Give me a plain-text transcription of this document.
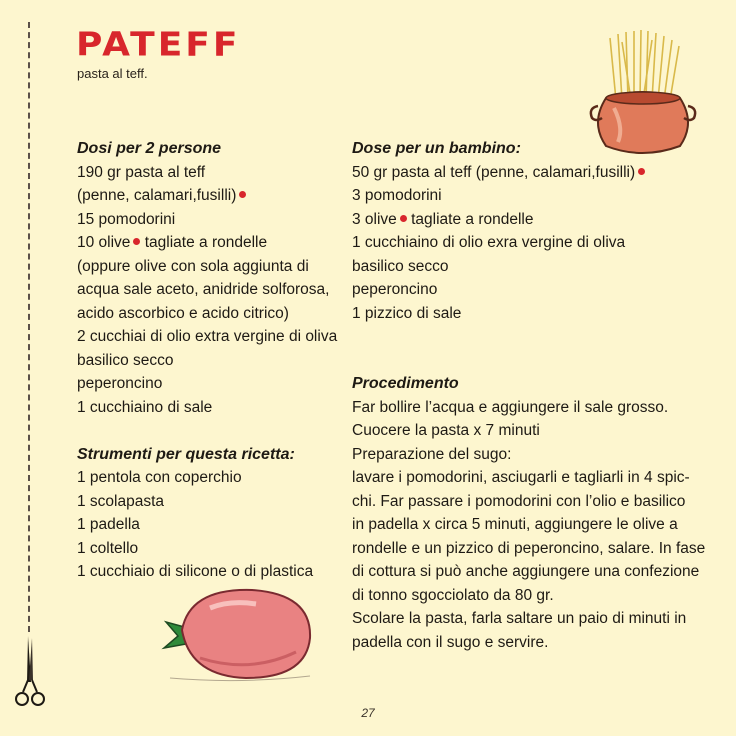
PATEFF
pasta al teff.
Dosi per 2 persone
190 gr pasta al teff
(penne, calamari,fusilli)
15 pomodorini
10 olive tagliate a rondelle
(oppure olive con sola aggiunta di
acqua sale aceto, anidride solforosa,
acido ascorbico e acido citrico)
2 cucchiai di olio extra vergine di oliva
basilico secco
peperoncino
1 cucchiaino di sale
Strumenti per questa ricetta:
1 pentola con coperchio
1 scolapasta
1 padella
1 coltello
1 cucchiaio di silicone o di plastica
Dose per un bambino:
50 gr pasta al teff (penne, calamari,fusilli)
3 pomodorini
3 olive tagliate a rondelle
1 cucchiaino di olio exra vergine di oliva
basilico secco
peperoncino
1 pizzico di sale
Procedimento
Far bollire l’acqua e aggiungere il sale grosso.
Cuocere la pasta x 7 minuti
Preparazione del sugo:
lavare i pomodorini, asciugarli e tagliarli in 4 spic-
chi. Far passare i pomodorini con l’olio e basilico
in padella x circa 5 minuti, aggiungere le olive a
rondelle e un pizzico di peperoncino, salare. In fase
di cottura si può anche aggiungere una confezione
di tonno sgocciolato da 80 gr.
Scolare la pasta, farla saltare un paio di minuti in
padella con il sugo e servire.
27
